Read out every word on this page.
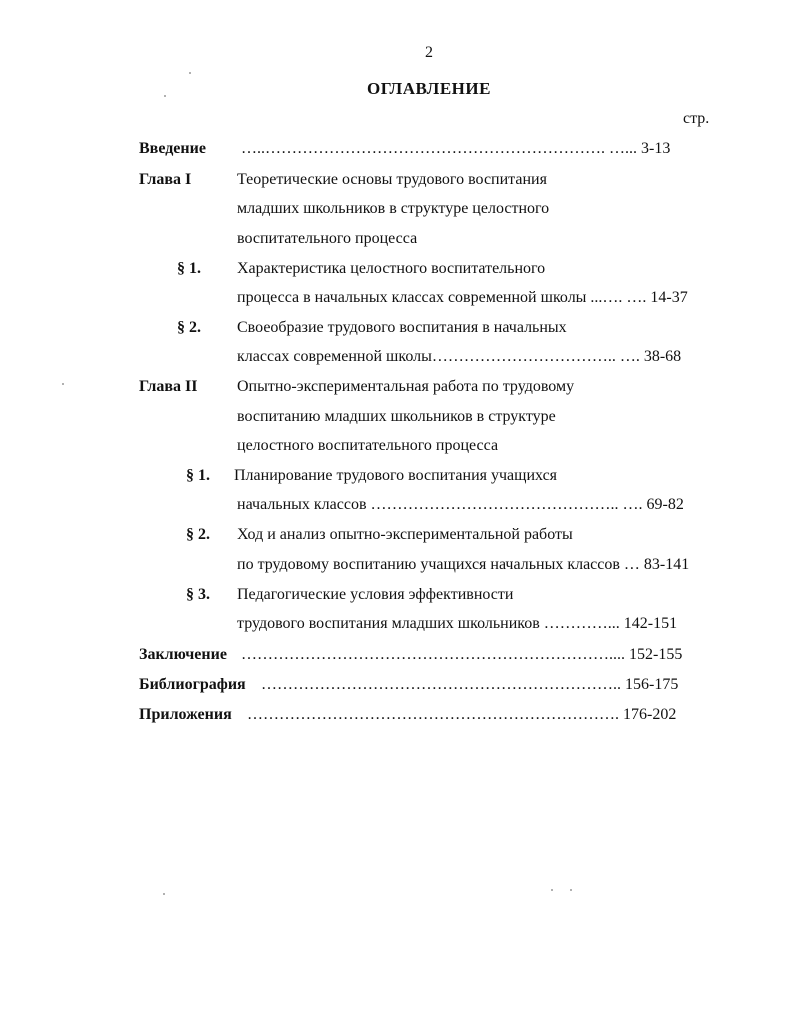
2
ОГЛАВЛЕНИЕ
стр.
Введение …..………………………………………………………. …... 3-13
Глава I	Теоретические основы трудового воспитания
младших школьников в структуре целостного
воспитательного процесса
§ 1. Характеристика целостного воспитательного
процесса в начальных классах современной школы ...…. …. 14-37
§ 2. Своеобразие трудового воспитания в начальных
классах современной школы…………………………….. …. 38-68
Глава II Опытно-экспериментальная работа по трудовому
воспитанию младших школьников в структуре
целостного воспитательного процесса
§ 1. Планирование трудового воспитания учащихся
начальных классов ……………………………………….. …. 69-82
§ 2. Ход и анализ опытно-экспериментальной работы
по трудовому воспитанию учащихся начальных классов … 83-141
§ 3. Педагогические условия эффективности
трудового воспитания младших школьников …………... 142-151
Заключение …………………………………………………………….... 152-155
Библиография ………………………………………………………….. 156-175
Приложения ……………………………………………………………. 176-202
